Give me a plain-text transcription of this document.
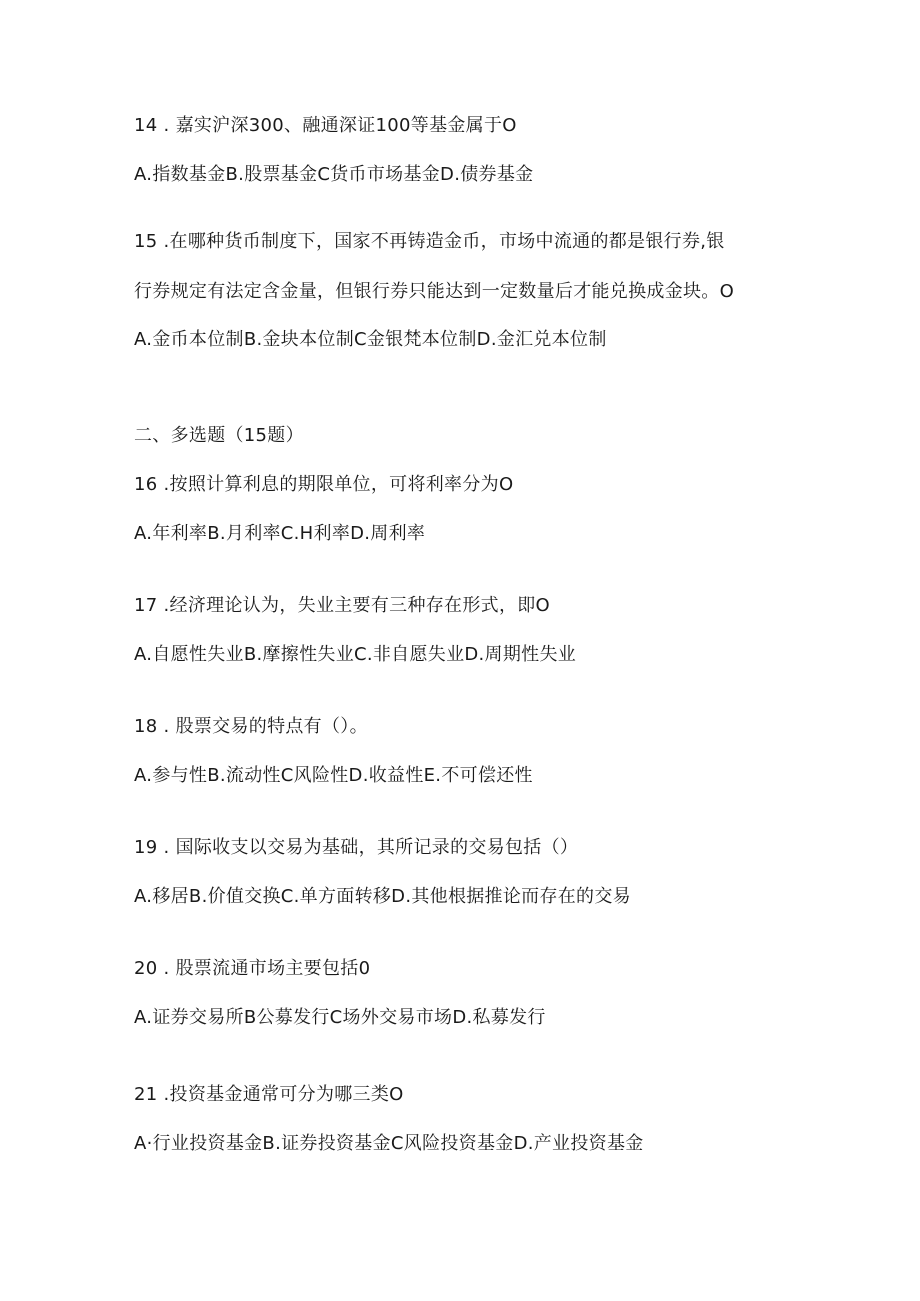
14 . 嘉实沪深300、融通深证100等基金属于O
A.指数基金B.股票基金C货币市场基金D.债券基金
15 .在哪种货币制度下，国家不再铸造金币，市场中流通的都是银行券,银
行券规定有法定含金量，但银行券只能达到一定数量后才能兑换成金块。O
A.金币本位制B.金块本位制C金银梵本位制D.金汇兑本位制
二、多选题（15题）
16 .按照计算利息的期限单位，可将利率分为O
A.年利率B.月利率C.H利率D.周利率
17 .经济理论认为，失业主要有三种存在形式，即O
A.自愿性失业B.摩擦性失业C.非自愿失业D.周期性失业
18 . 股票交易的特点有（）。
A.参与性B.流动性C风险性D.收益性E.不可偿还性
19 . 国际收支以交易为基础，其所记录的交易包括（）
A.移居B.价值交换C.单方面转移D.其他根据推论而存在的交易
20 . 股票流通市场主要包括0
A.证券交易所B公募发行C场外交易市场D.私募发行
21 .投资基金通常可分为哪三类O
A·行业投资基金B.证券投资基金C风险投资基金D.产业投资基金
